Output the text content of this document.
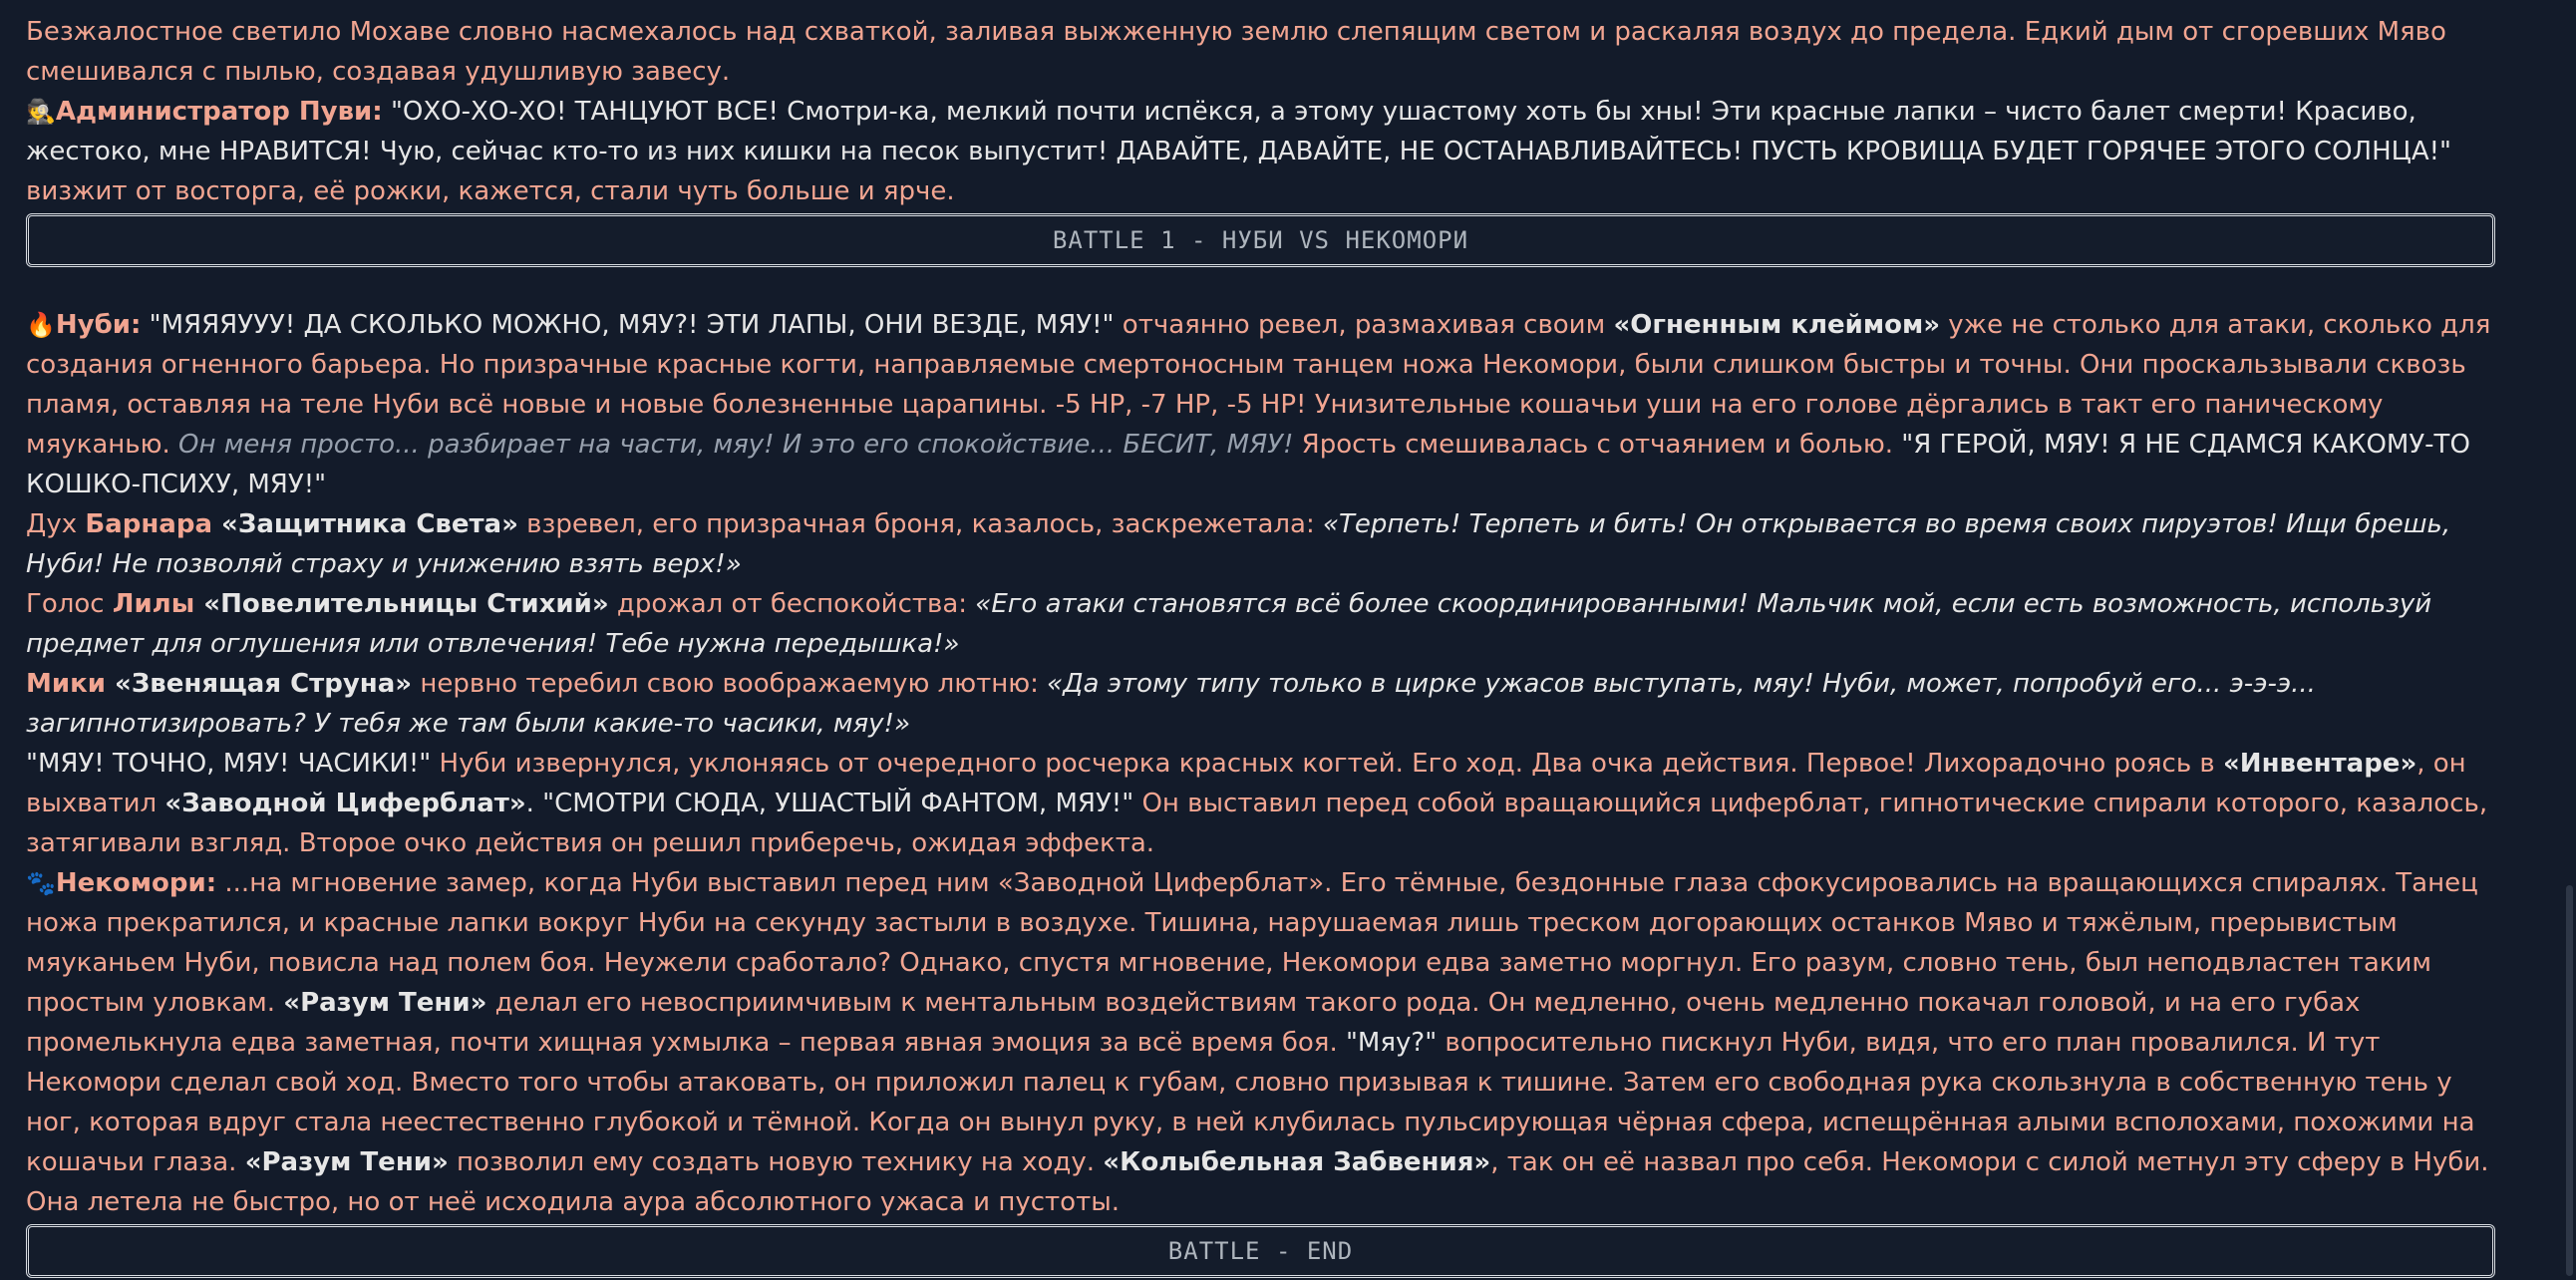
Безжалостное светило Мохаве словно насмехалось над схваткой, заливая выжженную землю слепящим светом и раскаляя воздух до предела. Едкий дым от сгоревших Мяво смешивался с пылью, создавая удушливую завесу.

🕵Администратор Пуви: "ОХО-ХО-ХО! ТАНЦУЮТ ВСЕ! Смотри-ка, мелкий почти испёкся, а этому ушастому хоть бы хны! Эти красные лапки – чисто балет смерти! Красиво, жестоко, мне НРАВИТСЯ! Чую, сейчас кто-то из них кишки на песок выпустит! ДАВАЙТЕ, ДАВАЙТЕ, НЕ ОСТАНАВЛИВАЙТЕСЬ! ПУСТЬ КРОВИЩА БУДЕТ ГОРЯЧЕЕ ЭТОГО СОЛНЦА!" визжит от восторга, её рожки, кажется, стали чуть больше и ярче.

BATTLE 1 - НУБИ VS НЕКОМОРИ

🔥Нуби: "МЯЯЯУУУ! ДА СКОЛЬКО МОЖНО, МЯУ?! ЭТИ ЛАПЫ, ОНИ ВЕЗДЕ, МЯУ!" отчаянно ревел, размахивая своим «Огненным клеймом» уже не столько для атаки, сколько для создания огненного барьера. Но призрачные красные когти, направляемые смертоносным танцем ножа Некомори, были слишком быстры и точны. Они проскальзывали сквозь пламя, оставляя на теле Нуби всё новые и новые болезненные царапины. -5 HP, -7 HP, -5 HP! Унизительные кошачьи уши на его голове дёргались в такт его паническому мяуканью. Он меня просто... разбирает на части, мяу! И это его спокойствие... БЕСИТ, МЯУ! Ярость смешивалась с отчаянием и болью. "Я ГЕРОЙ, МЯУ! Я НЕ СДАМСЯ КАКОМУ-ТО КОШКО-ПСИХУ, МЯУ!"

Дух Барнара «Защитника Света» взревел, его призрачная броня, казалось, заскрежетала: «Терпеть! Терпеть и бить! Он открывается во время своих пируэтов! Ищи брешь, Нуби! Не позволяй страху и унижению взять верх!»

Голос Лилы «Повелительницы Стихий» дрожал от беспокойства: «Его атаки становятся всё более скоординированными! Мальчик мой, если есть возможность, используй предмет для оглушения или отвлечения! Тебе нужна передышка!»

Мики «Звенящая Струна» нервно теребил свою воображаемую лютню: «Да этому типу только в цирке ужасов выступать, мяу! Нуби, может, попробуй его... э-э-э... загипнотизировать? У тебя же там были какие-то часики, мяу!»

"МЯУ! ТОЧНО, МЯУ! ЧАСИКИ!" Нуби извернулся, уклоняясь от очередного росчерка красных когтей. Его ход. Два очка действия. Первое! Лихорадочно роясь в «Инвентаре», он выхватил «Заводной Циферблат». "СМОТРИ СЮДА, УШАСТЫЙ ФАНТОМ, МЯУ!" Он выставил перед собой вращающийся циферблат, гипнотические спирали которого, казалось, затягивали взгляд. Второе очко действия он решил приберечь, ожидая эффекта.

🐾Некомори: ...на мгновение замер, когда Нуби выставил перед ним «Заводной Циферблат». Его тёмные, бездонные глаза сфокусировались на вращающихся спиралях. Танец ножа прекратился, и красные лапки вокруг Нуби на секунду застыли в воздухе. Тишина, нарушаемая лишь треском догорающих останков Мяво и тяжёлым, прерывистым мяуканьем Нуби, повисла над полем боя. Неужели сработало? Однако, спустя мгновение, Некомори едва заметно моргнул. Его разум, словно тень, был неподвластен таким простым уловкам. «Разум Тени» делал его невосприимчивым к ментальным воздействиям такого рода. Он медленно, очень медленно покачал головой, и на его губах промелькнула едва заметная, почти хищная ухмылка – первая явная эмоция за всё время боя. "Мяу?" вопросительно пискнул Нуби, видя, что его план провалился. И тут Некомори сделал свой ход. Вместо того чтобы атаковать, он приложил палец к губам, словно призывая к тишине. Затем его свободная рука скользнула в собственную тень у ног, которая вдруг стала неестественно глубокой и тёмной. Когда он вынул руку, в ней клубилась пульсирующая чёрная сфера, испещрённая алыми всполохами, похожими на кошачьи глаза. «Разум Тени» позволил ему создать новую технику на ходу. «Колыбельная Забвения», так он её назвал про себя. Некомори с силой метнул эту сферу в Нуби. Она летела не быстро, но от неё исходила аура абсолютного ужаса и пустоты.

BATTLE - END
